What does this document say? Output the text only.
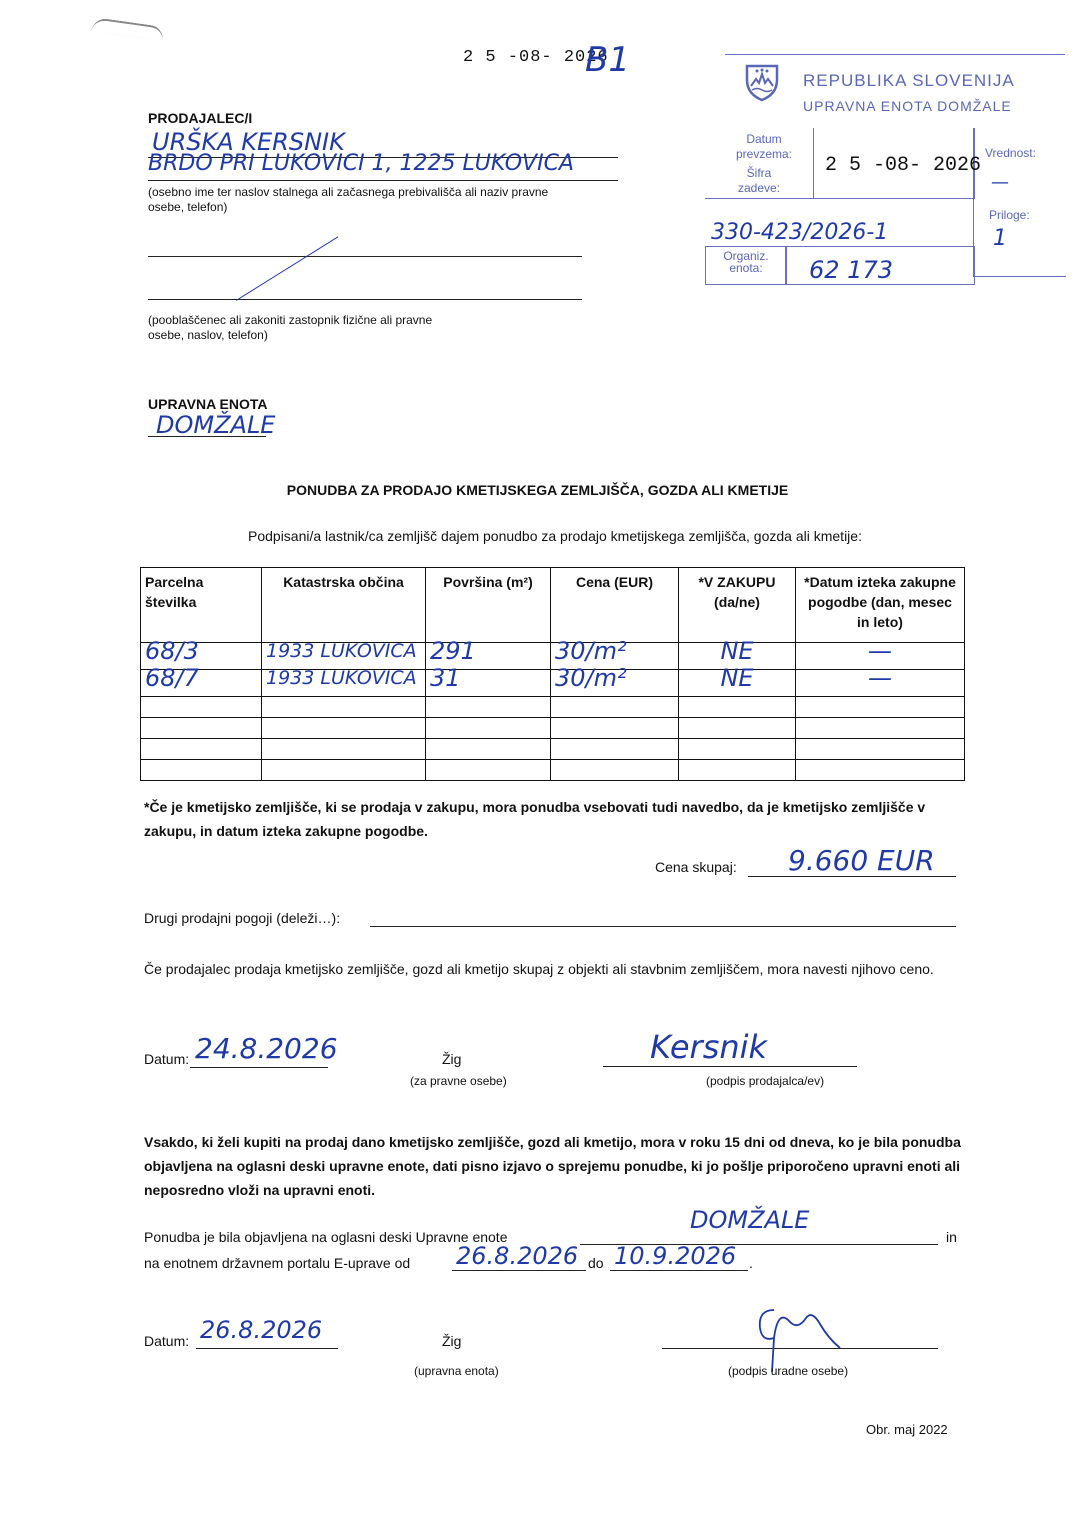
2 5 -08- 2026
B1
REPUBLIKA SLOVENIJA
UPRAVNA ENOTA DOMŽALE
Datum prevzema:	2 5 -08- 2026
Vrednost:
—
Šifra zadeve:
330-423/2026-1
Priloge:
1
Organiz. enota:	62 173
PRODAJALEC/I
URŠKA KERSNIK
BRDO PRI LUKOVICI 1, 1225 LUKOVICA
(osebno ime ter naslov stalnega ali začasnega prebivališča ali naziv pravne osebe, telefon)
(pooblaščenec ali zakoniti zastopnik fizične ali pravne osebe, naslov, telefon)
UPRAVNA ENOTA
DOMŽALE
PONUDBA ZA PRODAJO KMETIJSKEGA ZEMLJIŠČA, GOZDA ALI KMETIJE
Podpisani/a lastnik/ca zemljišč dajem ponudbo za prodajo kmetijskega zemljišča, gozda ali kmetije:
Parcelna številka	Katastrska občina	Površina (m²)	Cena (EUR)	*V ZAKUPU (da/ne)	*Datum izteka zakupne pogodbe (dan, mesec in leto)
68/3	1933 LUKOVICA	291	30/m²	NE	—
68/7	1933 LUKOVICA	31	30/m²	NE	—

*Če je kmetijsko zemljišče, ki se prodaja v zakupu, mora ponudba vsebovati tudi navedbo, da je kmetijsko zemljišče v zakupu, in datum izteka zakupne pogodbe.
Cena skupaj: 9.660 EUR
Drugi prodajni pogoji (deleži…):
Če prodajalec prodaja kmetijsko zemljišče, gozd ali kmetijo skupaj z objekti ali stavbnim zemljiščem, mora navesti njihovo ceno.
Datum: 24.8.2026	Žig
(za pravne osebe)
Kersnik
(podpis prodajalca/ev)
Vsakdo, ki želi kupiti na prodaj dano kmetijsko zemljišče, gozd ali kmetijo, mora v roku 15 dni od dneva, ko je bila ponudba objavljena na oglasni deski upravne enote, dati pisno izjavo o sprejemu ponudbe, ki jo pošlje priporočeno upravni enoti ali neposredno vloži na upravni enoti.
Ponudba je bila objavljena na oglasni deski Upravne enote
DOMŽALE
in
na enotnem državnem portalu E-uprave od 26.8.2026 do 10.9.2026 .
Datum: 26.8.2026	Žig
(upravna enota)	(podpis uradne osebe)
Obr. maj 2022
